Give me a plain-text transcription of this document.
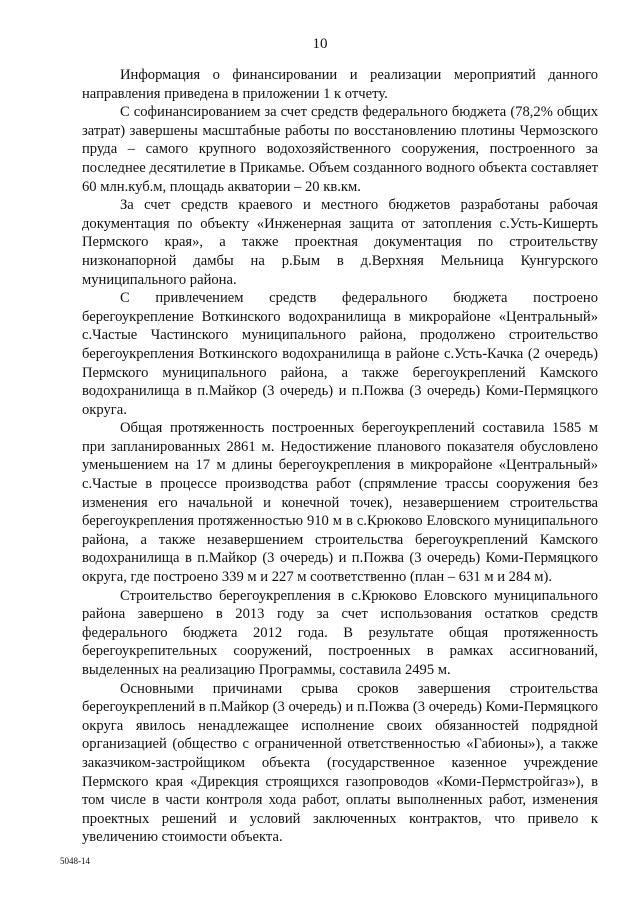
10

Информация о финансировании и реализации мероприятий данного направления приведена в приложении 1 к отчету.

С софинансированием за счет средств федерального бюджета (78,2% общих затрат) завершены масштабные работы по восстановлению плотины Чермозского пруда – самого крупного водохозяйственного сооружения, построенного за последнее десятилетие в Прикамье. Объем созданного водного объекта составляет 60 млн.куб.м, площадь акватории – 20 кв.км.

За счет средств краевого и местного бюджетов разработаны рабочая документация по объекту «Инженерная защита от затопления с.Усть-Кишерть Пермского края», а также проектная документация по строительству низконапорной дамбы на р.Бым в д.Верхняя Мельница Кунгурского муниципального района.

С привлечением средств федерального бюджета построено берегоукрепление Воткинского водохранилища в микрорайоне «Центральный» с.Частые Частинского муниципального района, продолжено строительство берегоукрепления Воткинского водохранилища в районе с.Усть-Качка (2 очередь) Пермского муниципального района, а также берегоукреплений Камского водохранилища в п.Майкор (3 очередь) и п.Пожва (3 очередь) Коми-Пермяцкого округа.

Общая протяженность построенных берегоукреплений составила 1585 м при запланированных 2861 м. Недостижение планового показателя обусловлено уменьшением на 17 м длины берегоукрепления в микрорайоне «Центральный» с.Частые в процессе производства работ (спрямление трассы сооружения без изменения его начальной и конечной точек), незавершением строительства берегоукрепления протяженностью 910 м в с.Крюково Еловского муниципального района, а также незавершением строительства берегоукреплений Камского водохранилища в п.Майкор (3 очередь) и п.Пожва (3 очередь) Коми-Пермяцкого округа, где построено 339 м и 227 м соответственно (план – 631 м и 284 м).

Строительство берегоукрепления в с.Крюково Еловского муниципального района завершено в 2013 году за счет использования остатков средств федерального бюджета 2012 года. В результате общая протяженность берегоукрепительных сооружений, построенных в рамках ассигнований, выделенных на реализацию Программы, составила 2495 м.

Основными причинами срыва сроков завершения строительства берегоукреплений в п.Майкор (3 очередь) и п.Пожва (3 очередь) Коми-Пермяцкого округа явилось ненадлежащее исполнение своих обязанностей подрядной организацией (общество с ограниченной ответственностью «Габионы»), а также заказчиком-застройщиком объекта (государственное казенное учреждение Пермского края «Дирекция строящихся газопроводов «Коми-Пермстройгаз»), в том числе в части контроля хода работ, оплаты выполненных работ, изменения проектных решений и условий заключенных контрактов, что привело к увеличению стоимости объекта.

5048-14
